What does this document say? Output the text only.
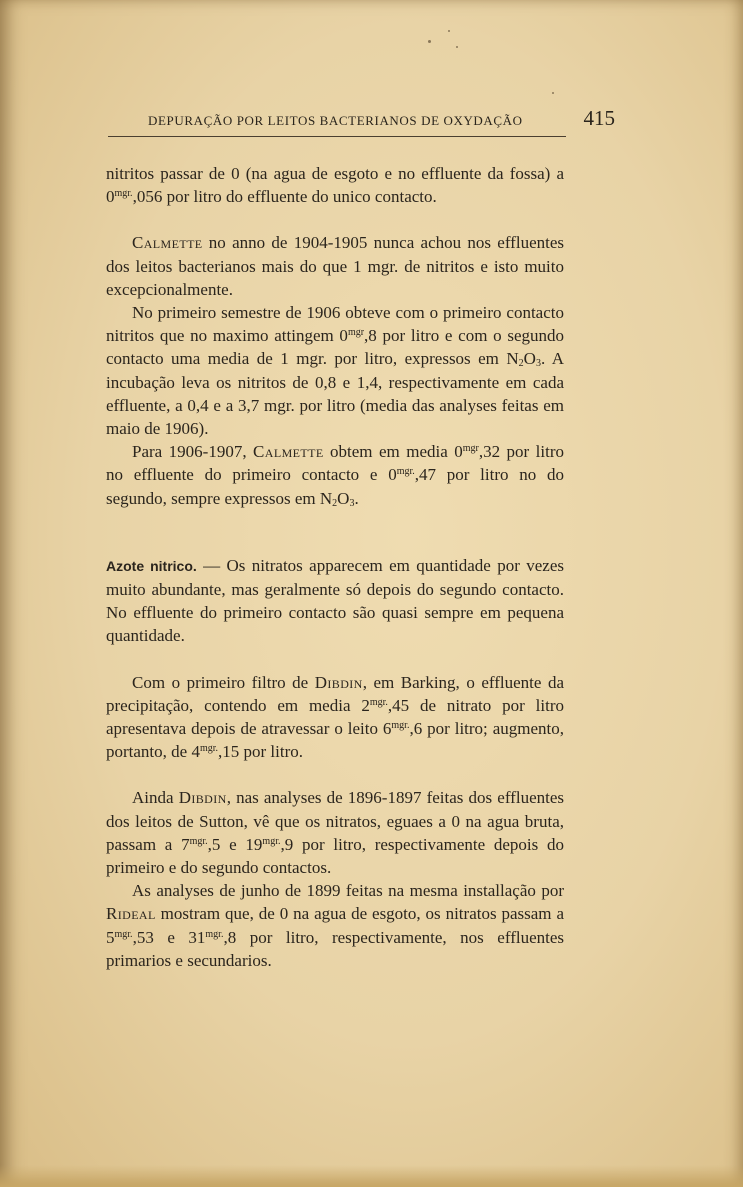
DEPURAÇÃO POR LEITOS BACTERIANOS DE OXYDAÇÃO	415

nitritos passar de 0 (na agua de esgoto e no effluente da fossa) a $0^{mgr.},056$ por litro do effluente do unico contacto.

Calmette no anno de 1904-1905 nunca achou nos effluentes dos leitos bacterianos mais do que 1 mgr. de nitritos e isto muito excepcionalmente.

No primeiro semestre de 1906 obteve com o primeiro contacto nitritos que no maximo attingem $0^{mgr},8$ por litro e com o segundo contacto uma media de 1 mgr. por litro, expressos em $N_2O_3$. A incubação leva os nitritos de 0,8 e 1,4, respectivamente em cada effluente, a 0,4 e a 3,7 mgr. por litro (media das analyses feitas em maio de 1906).

Para 1906-1907, Calmette obtem em media $0^{mgr},32$ por litro no effluente do primeiro contacto e $0^{mgr.},47$ por litro no do segundo, sempre expressos em $N_2O_3$.

Azote nitrico. — Os nitratos apparecem em quantidade por vezes muito abundante, mas geralmente só depois do segundo contacto. No effluente do primeiro contacto são quasi sempre em pequena quantidade.

Com o primeiro filtro de Dibdin, em Barking, o effluente da precipitação, contendo em media $2^{mgr.},45$ de nitrato por litro apresentava depois de atravessar o leito $6^{mgr.},6$ por litro; augmento, portanto, de $4^{mgr.},15$ por litro.

Ainda Dibdin, nas analyses de 1896-1897 feitas dos effluentes dos leitos de Sutton, vê que os nitratos, eguaes a 0 na agua bruta, passam a $7^{mgr.},5$ e $19^{mgr.},9$ por litro, respectivamente depois do primeiro e do segundo contactos.

As analyses de junho de 1899 feitas na mesma installação por Rideal mostram que, de 0 na agua de esgoto, os nitratos passam a $5^{mgr.},53$ e $31^{mgr.},8$ por litro, respectivamente, nos effluentes primarios e secundarios.
